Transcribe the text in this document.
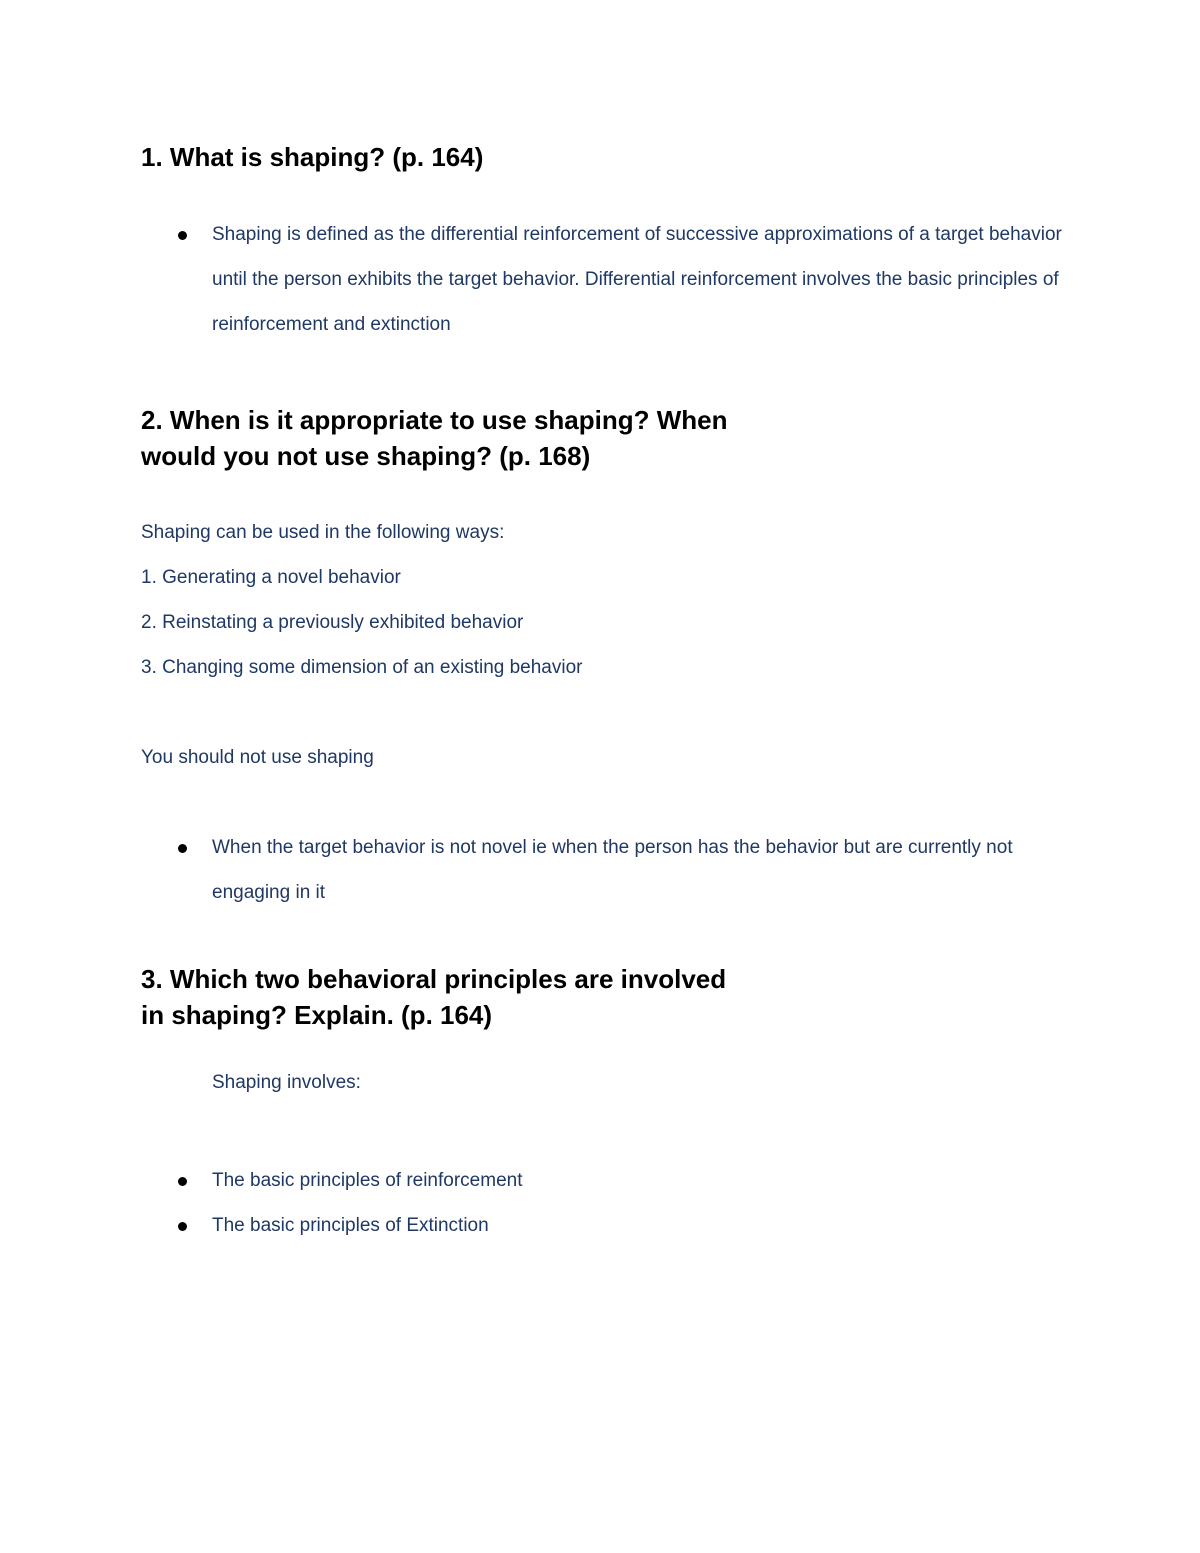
1. What is shaping? (p. 164)

Shaping is defined as the differential reinforcement of successive approximations of a target behavior until the person exhibits the target behavior. Differential reinforcement involves the basic principles of reinforcement and extinction

2. When is it appropriate to use shaping? When
would you not use shaping? (p. 168)

Shaping can be used in the following ways:

1. Generating a novel behavior

2. Reinstating a previously exhibited behavior

3. Changing some dimension of an existing behavior

You should not use shaping

When the target behavior is not novel ie when the person has the behavior but are currently not engaging in it

3. Which two behavioral principles are involved
in shaping? Explain. (p. 164)

Shaping involves:

The basic principles of reinforcement

The basic principles of Extinction
